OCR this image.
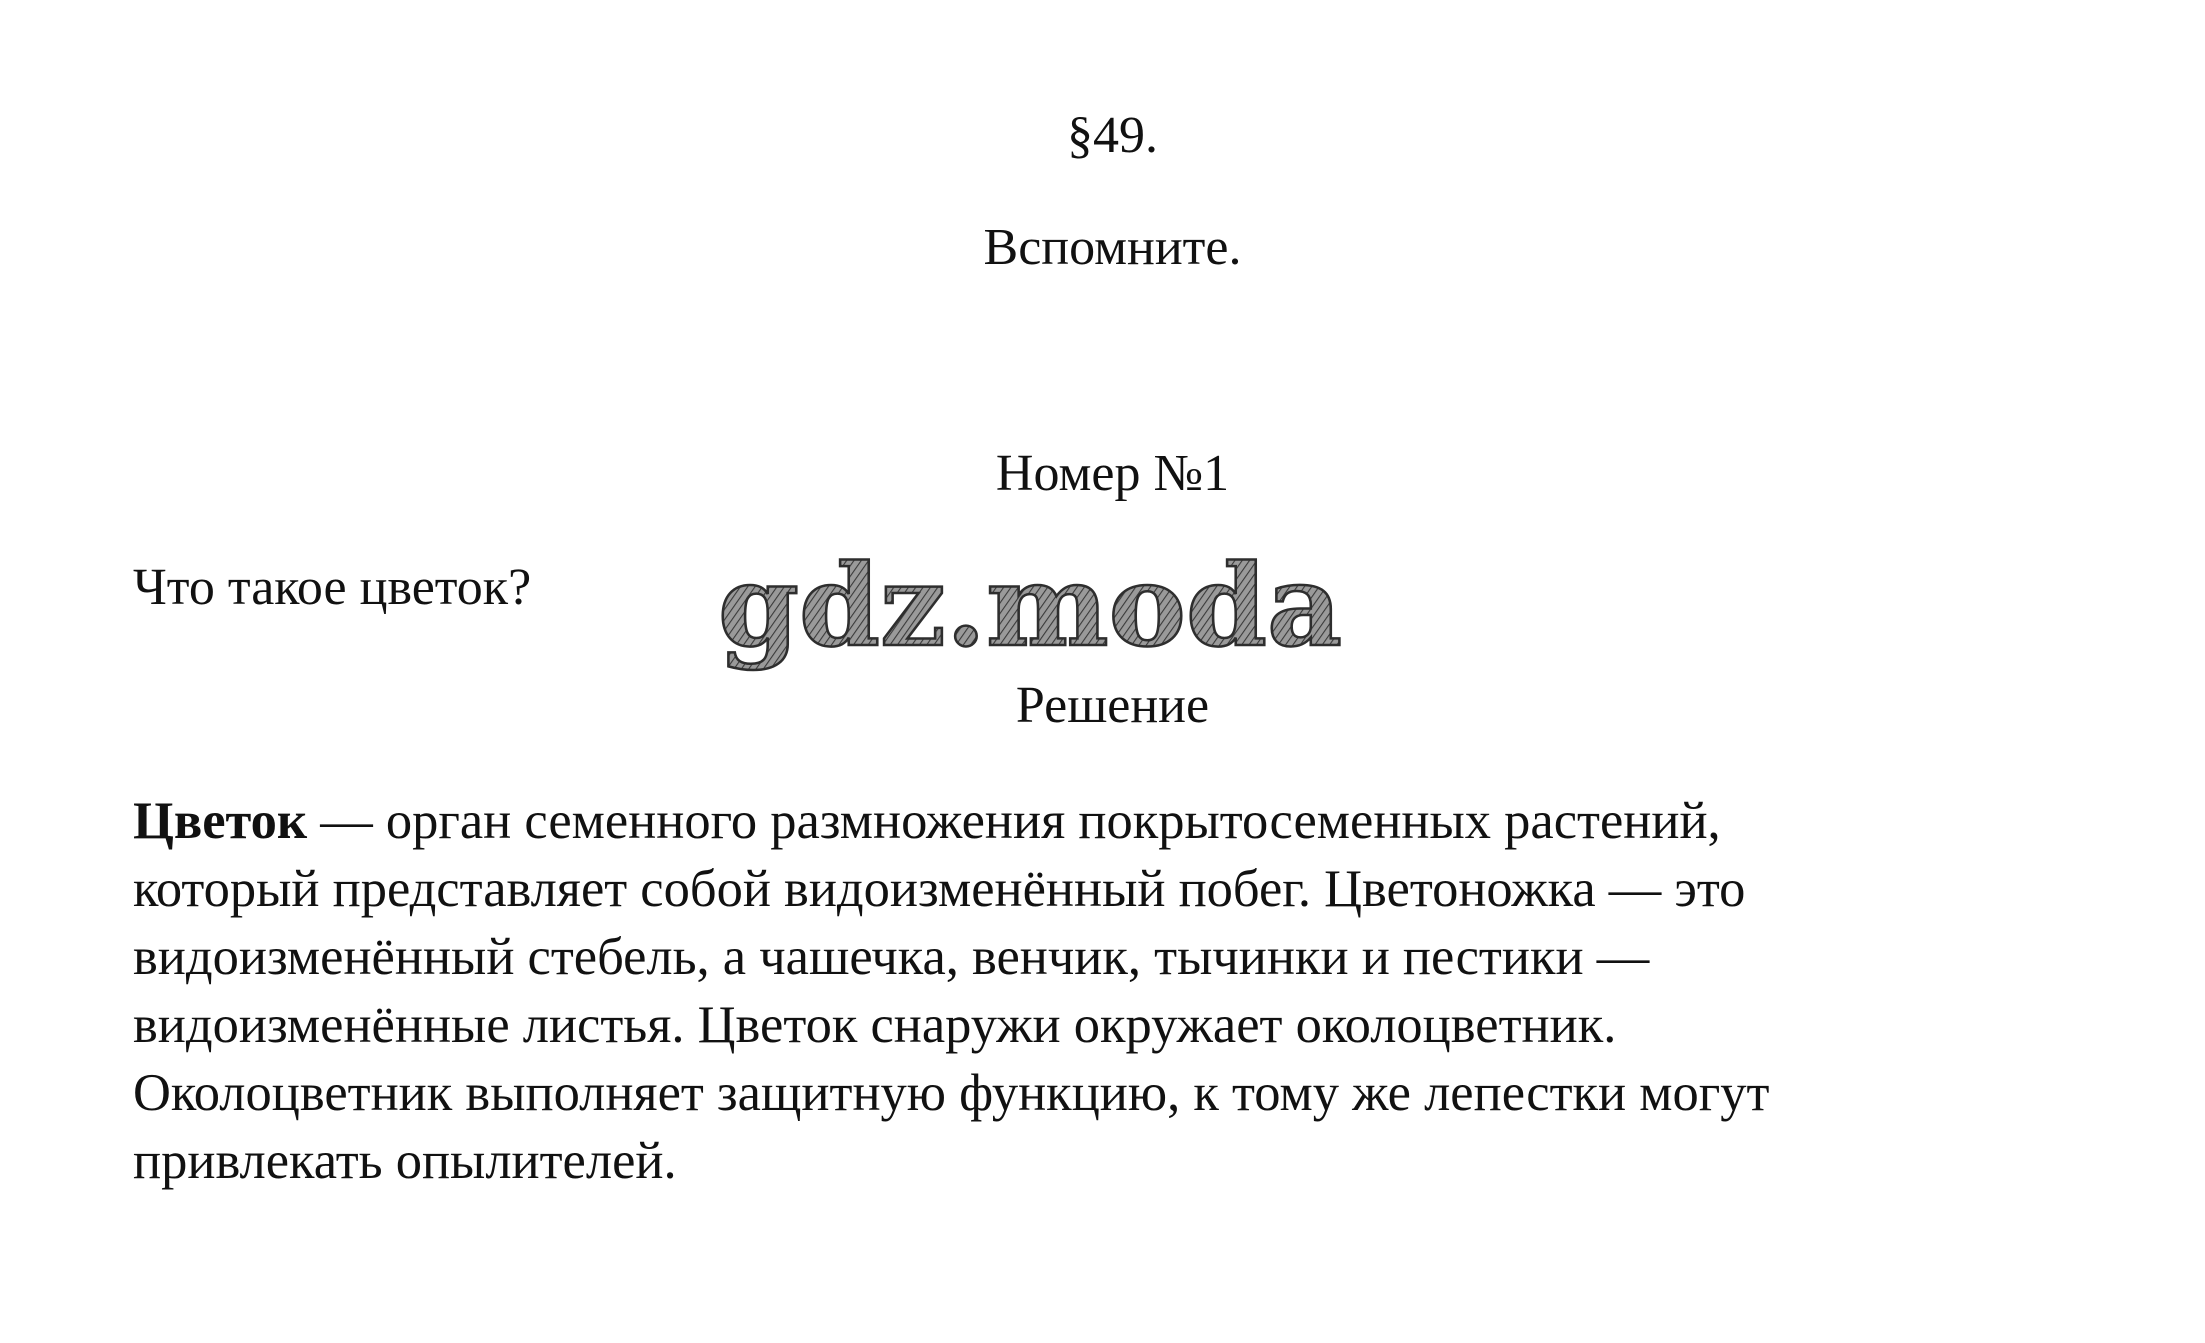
§49.
Вспомните.
Номер №1
Что такое цветок? gdz.moda
Решение
Цветок — орган семенного размножения покрытосеменных растений,
который представляет собой видоизменённый побег. Цветоножка — это
видоизменённый стебель, а чашечка, венчик, тычинки и пестики —
видоизменённые листья. Цветок снаружи окружает околоцветник.
Околоцветник выполняет защитную функцию, к тому же лепестки могут
привлекать опылителей.
